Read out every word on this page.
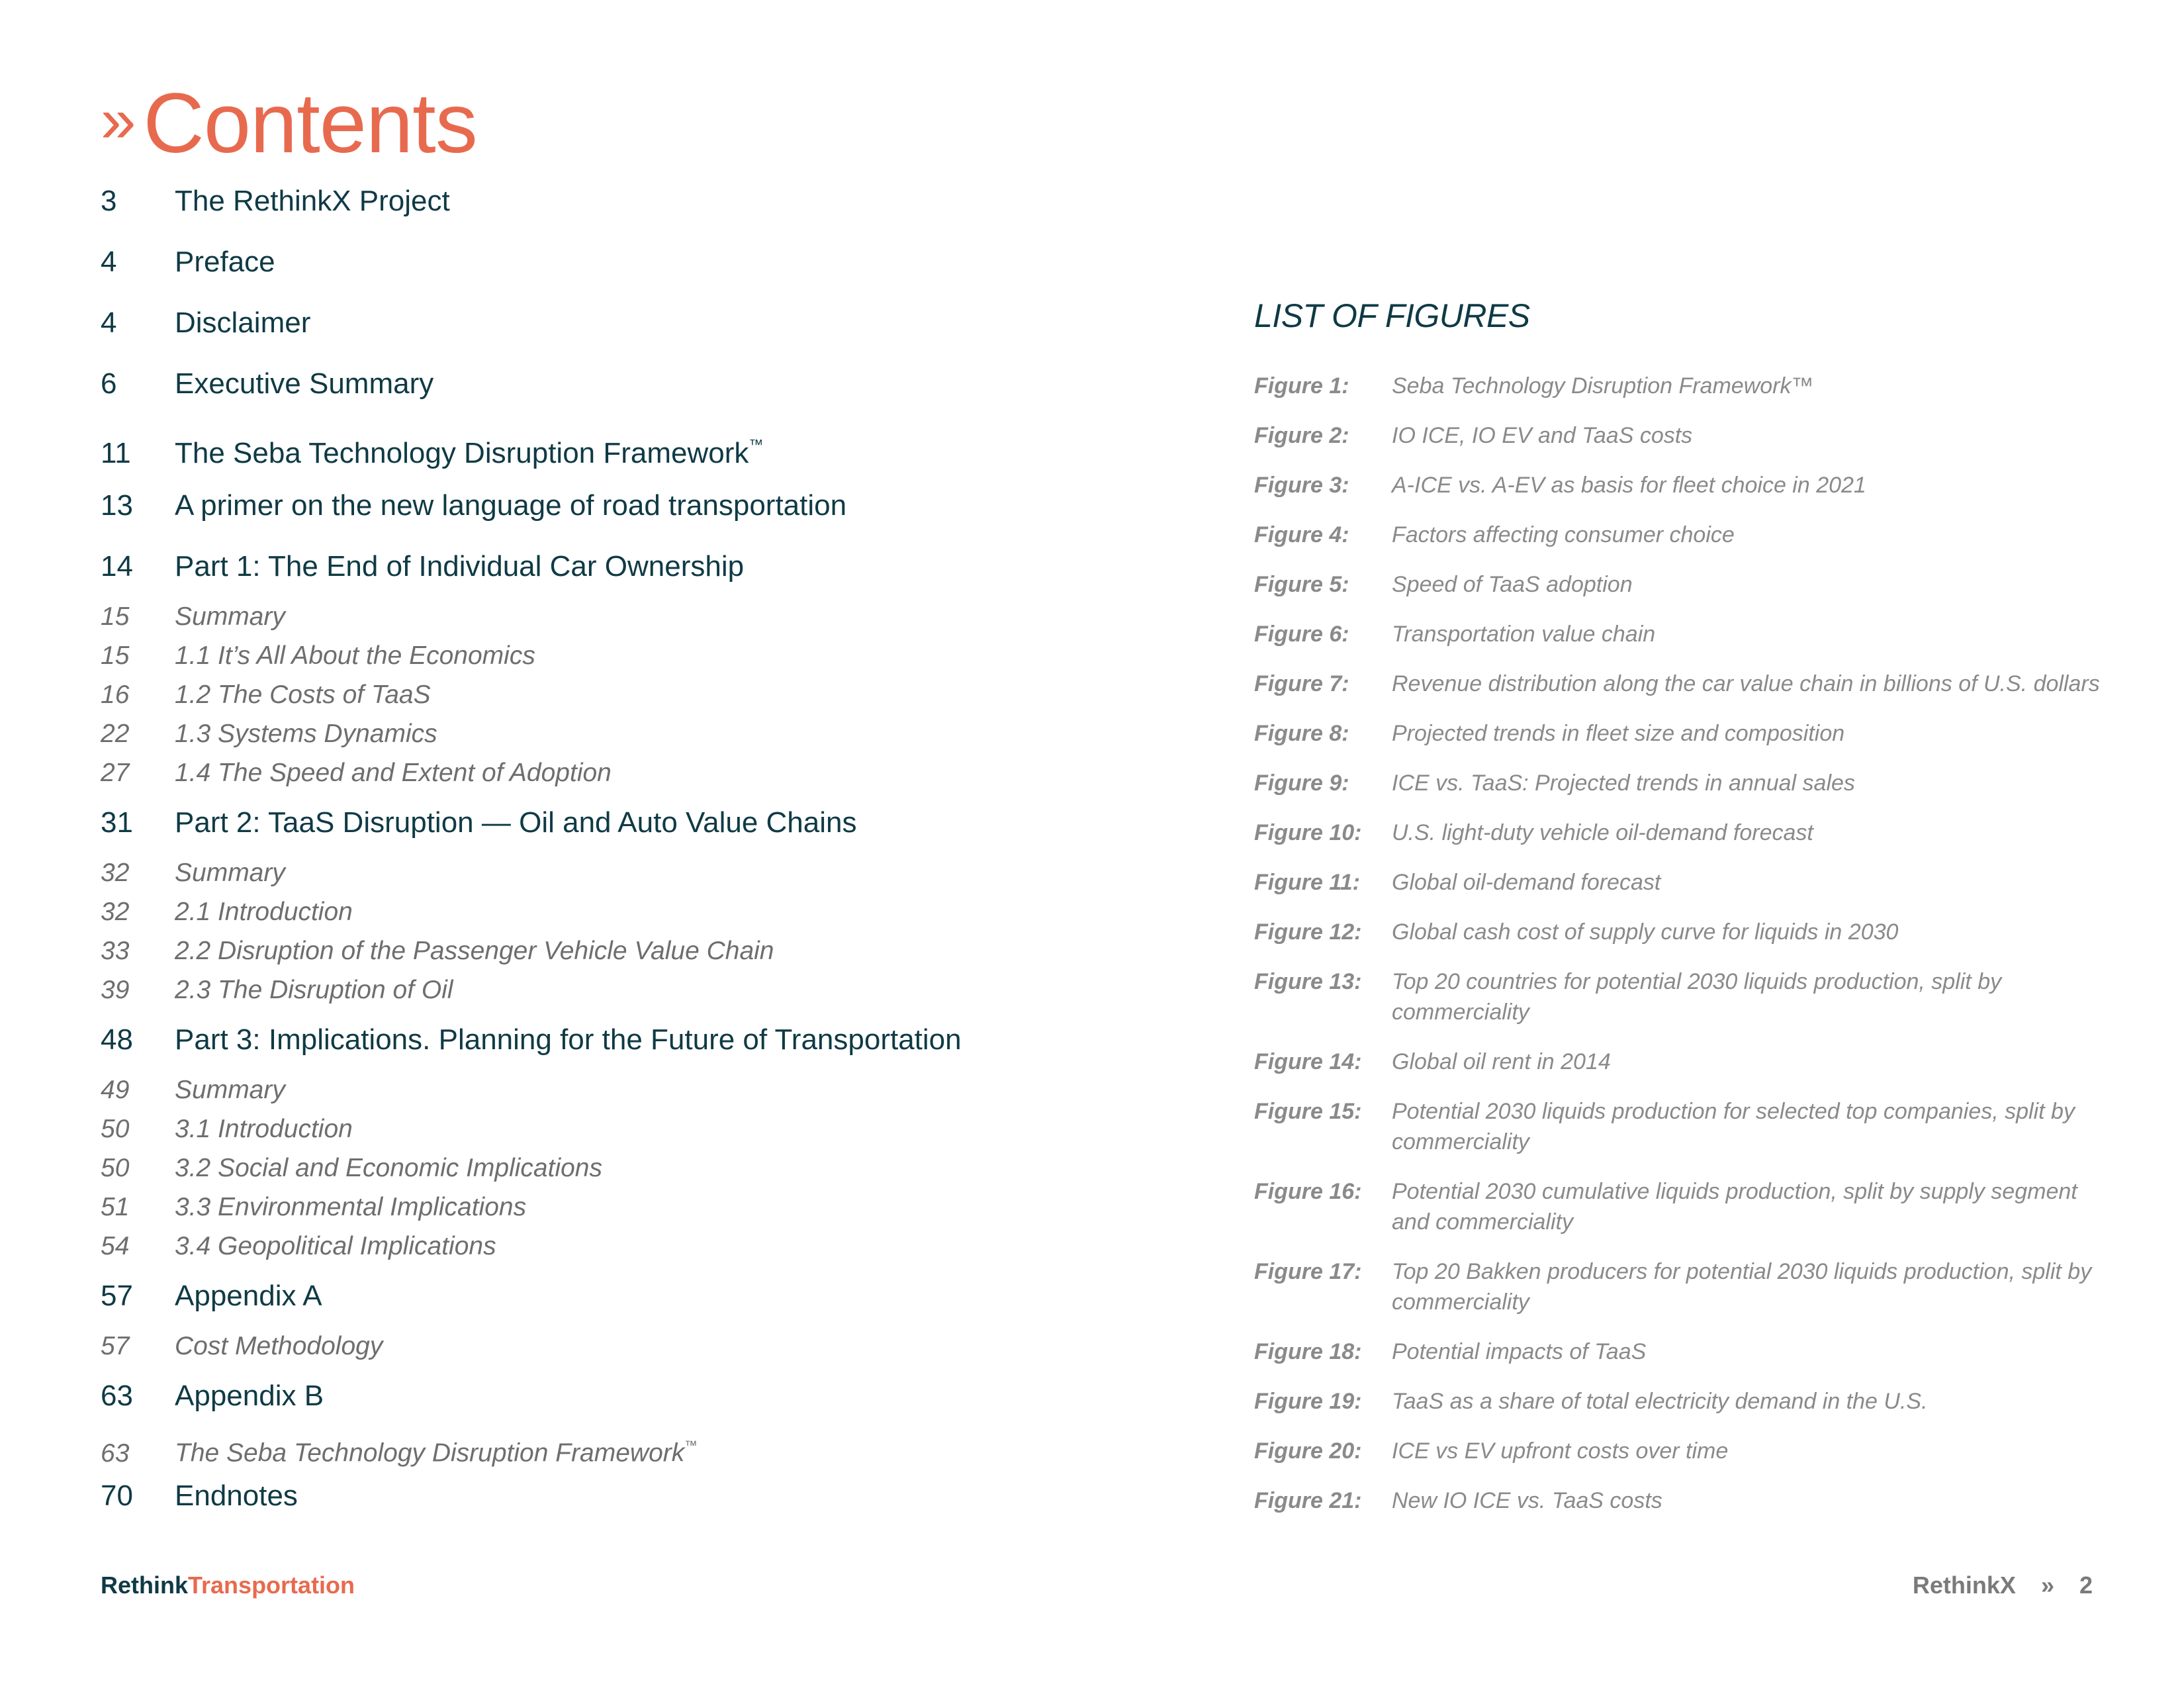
»Contents
3	The RethinkX Project
4	Preface
4	Disclaimer
6	Executive Summary
11	The Seba Technology Disruption Framework™
13	A primer on the new language of road transportation
14	Part 1: The End of Individual Car Ownership
15	Summary
15	1.1 It’s All About the Economics
16	1.2 The Costs of TaaS
22	1.3 Systems Dynamics
27	1.4 The Speed and Extent of Adoption
31	Part 2: TaaS Disruption — Oil and Auto Value Chains
32	Summary
32	2.1 Introduction
33	2.2 Disruption of the Passenger Vehicle Value Chain
39	2.3 The Disruption of Oil
48	Part 3: Implications. Planning for the Future of Transportation
49	Summary
50	3.1 Introduction
50	3.2 Social and Economic Implications
51	3.3 Environmental Implications
54	3.4 Geopolitical Implications
57	Appendix A
57	Cost Methodology
63	Appendix B
63	The Seba Technology Disruption Framework™
70	Endnotes
LIST OF FIGURES
Figure 1:	Seba Technology Disruption Framework™
Figure 2:	IO ICE, IO EV and TaaS costs
Figure 3:	A-ICE vs. A-EV as basis for fleet choice in 2021
Figure 4:	Factors affecting consumer choice
Figure 5:	Speed of TaaS adoption
Figure 6:	Transportation value chain
Figure 7:	Revenue distribution along the car value chain in billions of U.S. dollars
Figure 8:	Projected trends in fleet size and composition
Figure 9:	ICE vs. TaaS: Projected trends in annual sales
Figure 10:	U.S. light-duty vehicle oil-demand forecast
Figure 11:	Global oil-demand forecast
Figure 12:	Global cash cost of supply curve for liquids in 2030
Figure 13:	Top 20 countries for potential 2030 liquids production, split by commerciality
Figure 14:	Global oil rent in 2014
Figure 15:	Potential 2030 liquids production for selected top companies, split by commerciality
Figure 16:	Potential 2030 cumulative liquids production, split by supply segment and commerciality
Figure 17:	Top 20 Bakken producers for potential 2030 liquids production, split by commerciality
Figure 18:	Potential impacts of TaaS
Figure 19:	TaaS as a share of total electricity demand in the U.S.
Figure 20:	ICE vs EV upfront costs over time
Figure 21:	New IO ICE vs. TaaS costs
RethinkTransportation	RethinkX » 2
